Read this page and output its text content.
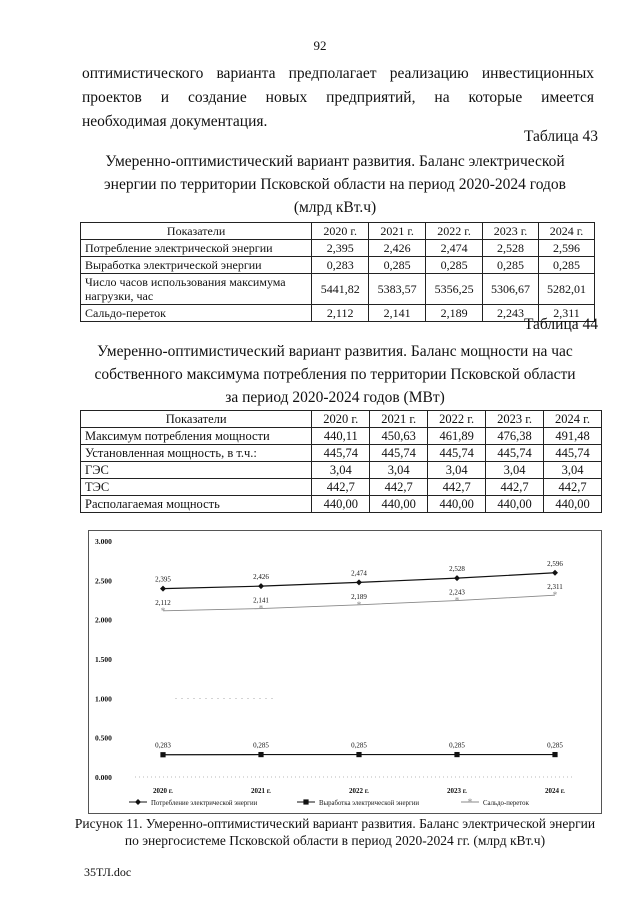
92
оптимистического варианта предполагает реализацию инвестиционных
проектов и создание новых предприятий, на которые имеется
необходимая документация.
Таблица 43
Умеренно-оптимистический вариант развития. Баланс электрической
энергии по территории Псковской области на период 2020-2024 годов
(млрд кВт.ч)
Показатели	2020 г.	2021 г.	2022 г.	2023 г.	2024 г.
Потребление электрической энергии	2,395	2,426	2,474	2,528	2,596
Выработка электрической энергии	0,283	0,285	0,285	0,285	0,285
Число часов использования максимума нагрузки, час	5441,82	5383,57	5356,25	5306,67	5282,01
Сальдо-переток	2,112	2,141	2,189	2,243	2,311
Таблица 44
Умеренно-оптимистический вариант развития. Баланс мощности на час
собственного максимума потребления по территории Псковской области
за период 2020-2024 годов (МВт)
Показатели	2020 г.	2021 г.	2022 г.	2023 г.	2024 г.
Максимум потребления мощности	440,11	450,63	461,89	476,38	491,48
Установленная мощность, в т.ч.:	445,74	445,74	445,74	445,74	445,74
ГЭС	3,04	3,04	3,04	3,04	3,04
ТЭС	442,7	442,7	442,7	442,7	442,7
Располагаемая мощность	440,00	440,00	440,00	440,00	440,00
0.000
0.500
1.000
1.500
2.000
2.500
3.000
2020 г.	2021 г.	2022 г.	2023 г.	2024 г.
2,395	2,426	2,474
2,528
2,596
0,283	0,285	0,285	0,285	0,285
*
2,112
*
2,141	*
2,189	*
2,243	*
2,311
Потребление электрической энергии	Выработка электрической энергии	* Сальдо-переток
Рисунок 11. Умеренно-оптимистический вариант развития. Баланс электрической энергии
по энергосистеме Псковской области в период 2020-2024 гг. (млрд кВт.ч)
35ТЛ.doc
